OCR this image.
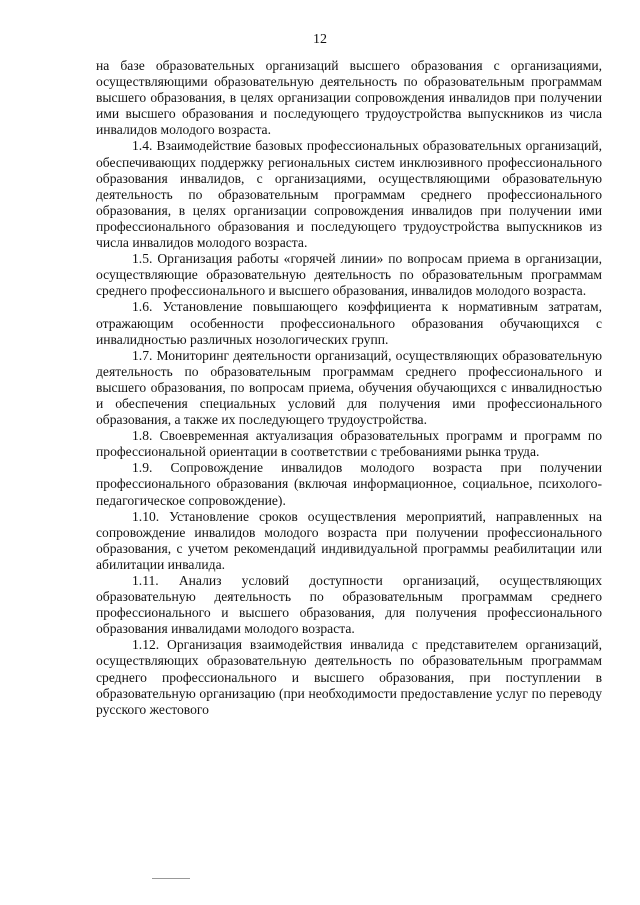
12

на базе образовательных организаций высшего образования с организациями, осуществляющими образовательную деятельность по образовательным программам высшего образования, в целях организации сопровождения инвалидов при получении ими высшего образования и последующего трудоустройства выпускников из числа инвалидов молодого возраста.

1.4. Взаимодействие базовых профессиональных образовательных организаций, обеспечивающих поддержку региональных систем инклюзивного профессионального образования инвалидов, с организациями, осуществляющими образовательную деятельность по образовательным программам среднего профессионального образования, в целях организации сопровождения инвалидов при получении ими профессионального образования и последующего трудоустройства выпускников из числа инвалидов молодого возраста.

1.5. Организация работы «горячей линии» по вопросам приема в организации, осуществляющие образовательную деятельность по образовательным программам среднего профессионального и высшего образования, инвалидов молодого возраста.

1.6. Установление повышающего коэффициента к нормативным затратам, отражающим особенности профессионального образования обучающихся с инвалидностью различных нозологических групп.

1.7. Мониторинг деятельности организаций, осуществляющих образовательную деятельность по образовательным программам среднего профессионального и высшего образования, по вопросам приема, обучения обучающихся с инвалидностью и обеспечения специальных условий для получения ими профессионального образования, а также их последующего трудоустройства.

1.8. Своевременная актуализация образовательных программ и программ по профессиональной ориентации в соответствии с требованиями рынка труда.

1.9. Сопровождение инвалидов молодого возраста при получении профессионального образования (включая информационное, социальное, психолого-педагогическое сопровождение).

1.10. Установление сроков осуществления мероприятий, направленных на сопровождение инвалидов молодого возраста при получении профессионального образования, с учетом рекомендаций индивидуальной программы реабилитации или абилитации инвалида.

1.11. Анализ условий доступности организаций, осуществляющих образовательную деятельность по образовательным программам среднего профессионального и высшего образования, для получения профессионального образования инвалидами молодого возраста.

1.12. Организация взаимодействия инвалида с представителем организаций, осуществляющих образовательную деятельность по образовательным программам среднего профессионального и высшего образования, при поступлении в образовательную организацию (при необходимости предоставление услуг по переводу русского жестового
